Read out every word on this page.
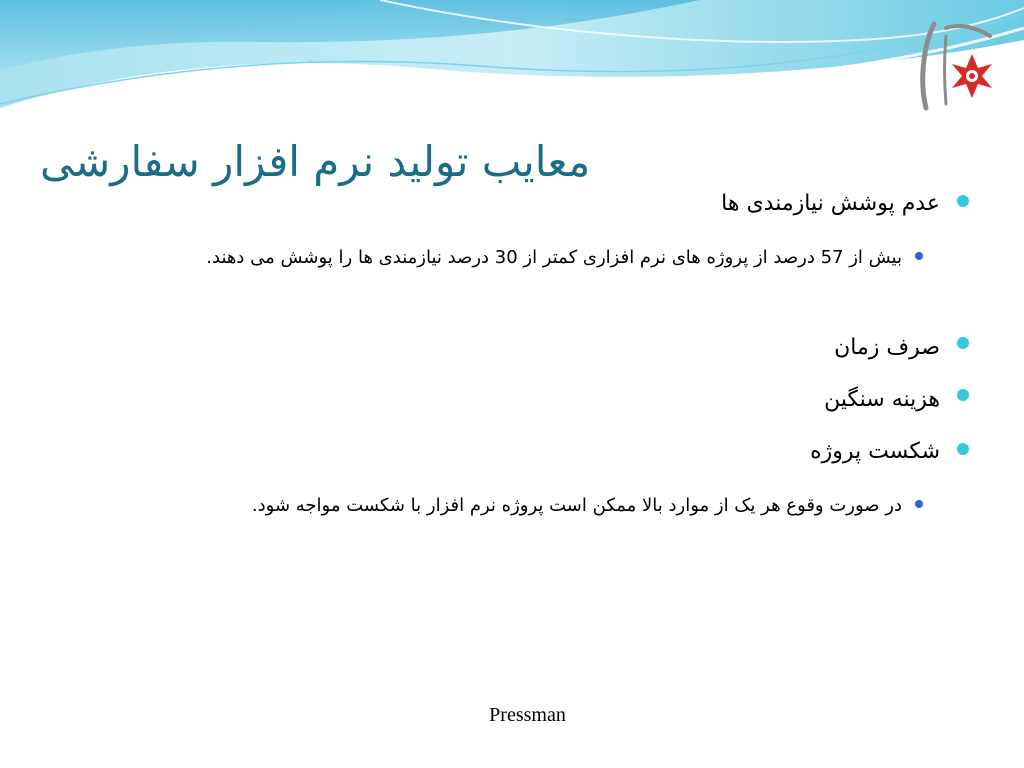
معایب تولید نرم افزار سفارشی
عدم پوشش نیازمندی ها
بیش از 57 درصد از پروژه های نرم افزاری کمتر از 30 درصد نیازمندی ها را پوشش می دهند.
صرف زمان
هزینه سنگین
شکست پروژه
در صورت وقوع هر یک از موارد بالا ممکن است پروژه نرم افزار با شکست مواجه شود.
Pressman
